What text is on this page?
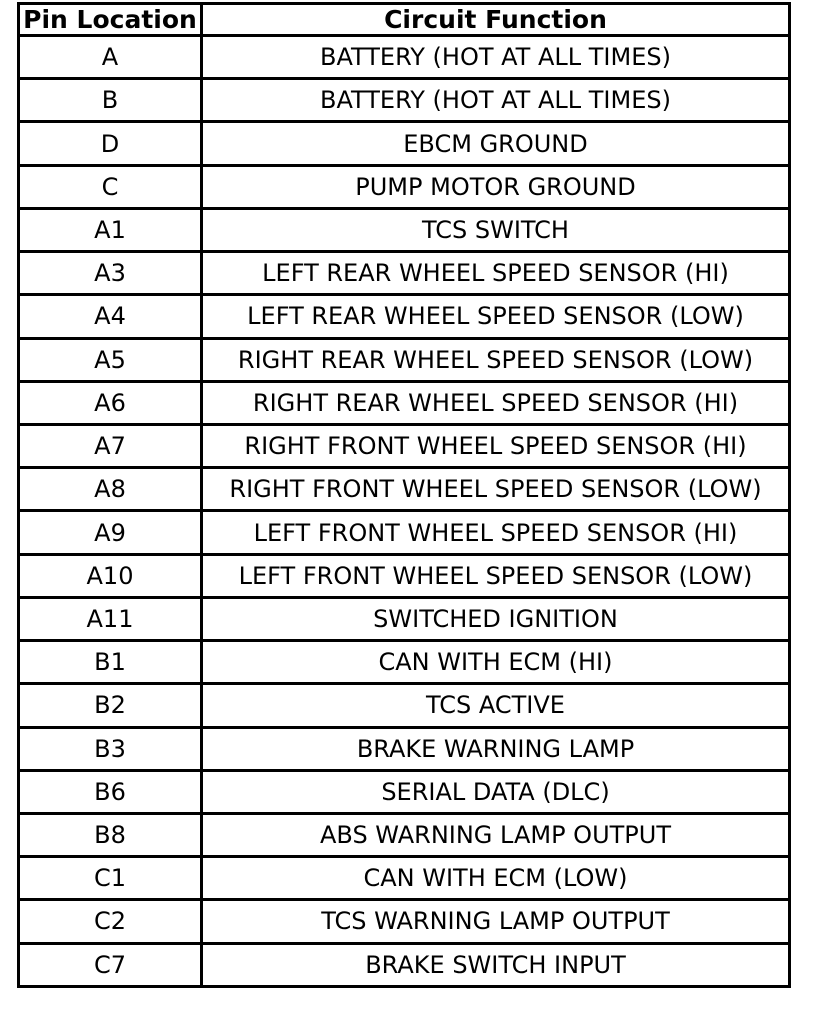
Pin Location	Circuit Function
A	BATTERY (HOT AT ALL TIMES)
B	BATTERY (HOT AT ALL TIMES)
D	EBCM GROUND
C	PUMP MOTOR GROUND
A1	TCS SWITCH
A3	LEFT REAR WHEEL SPEED SENSOR (HI)
A4	LEFT REAR WHEEL SPEED SENSOR (LOW)
A5	RIGHT REAR WHEEL SPEED SENSOR (LOW)
A6	RIGHT REAR WHEEL SPEED SENSOR (HI)
A7	RIGHT FRONT WHEEL SPEED SENSOR (HI)
A8	RIGHT FRONT WHEEL SPEED SENSOR (LOW)
A9	LEFT FRONT WHEEL SPEED SENSOR (HI)
A10	LEFT FRONT WHEEL SPEED SENSOR (LOW)
A11	SWITCHED IGNITION
B1	CAN WITH ECM (HI)
B2	TCS ACTIVE
B3	BRAKE WARNING LAMP
B6	SERIAL DATA (DLC)
B8	ABS WARNING LAMP OUTPUT
C1	CAN WITH ECM (LOW)
C2	TCS WARNING LAMP OUTPUT
C7	BRAKE SWITCH INPUT
